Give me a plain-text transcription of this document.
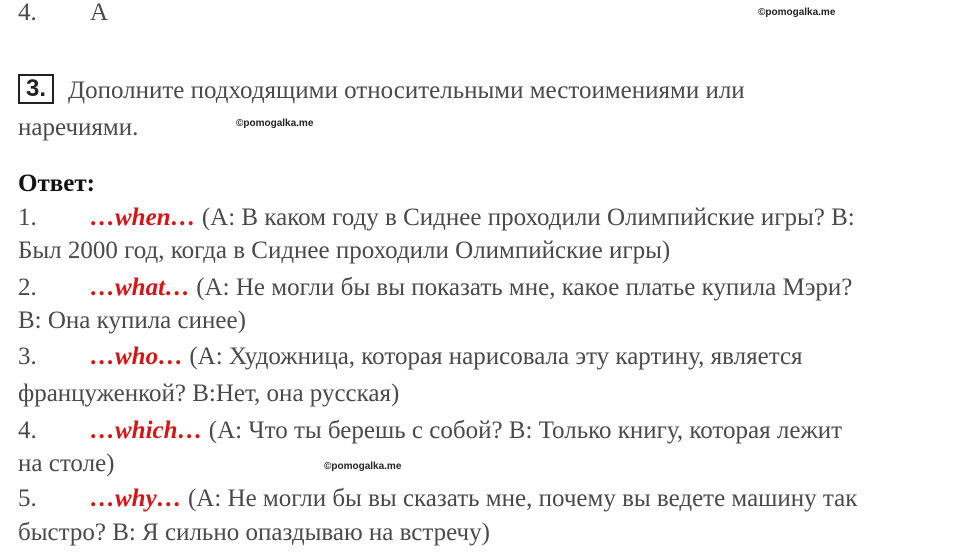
4. A	©pomogalka.me
3. Дополните подходящими относительными местоимениями или
наречиями.	©pomogalka.me
Ответ:
1. …when… (А: В каком году в Сиднее проходили Олимпийские игры? В:
Был 2000 год, когда в Сиднее проходили Олимпийские игры)
2. …what… (А: Не могли бы вы показать мне, какое платье купила Мэри?
В: Она купила синее)
3. …who… (А: Художница, которая нарисовала эту картину, является
француженкой? В:Нет, она русская)
4. …which… (А: Что ты берешь с собой? В: Только книгу, которая лежит
на столе)	©pomogalka.me
5. …why… (А: Не могли бы вы сказать мне, почему вы ведете машину так
быстро? В: Я сильно опаздываю на встречу)
